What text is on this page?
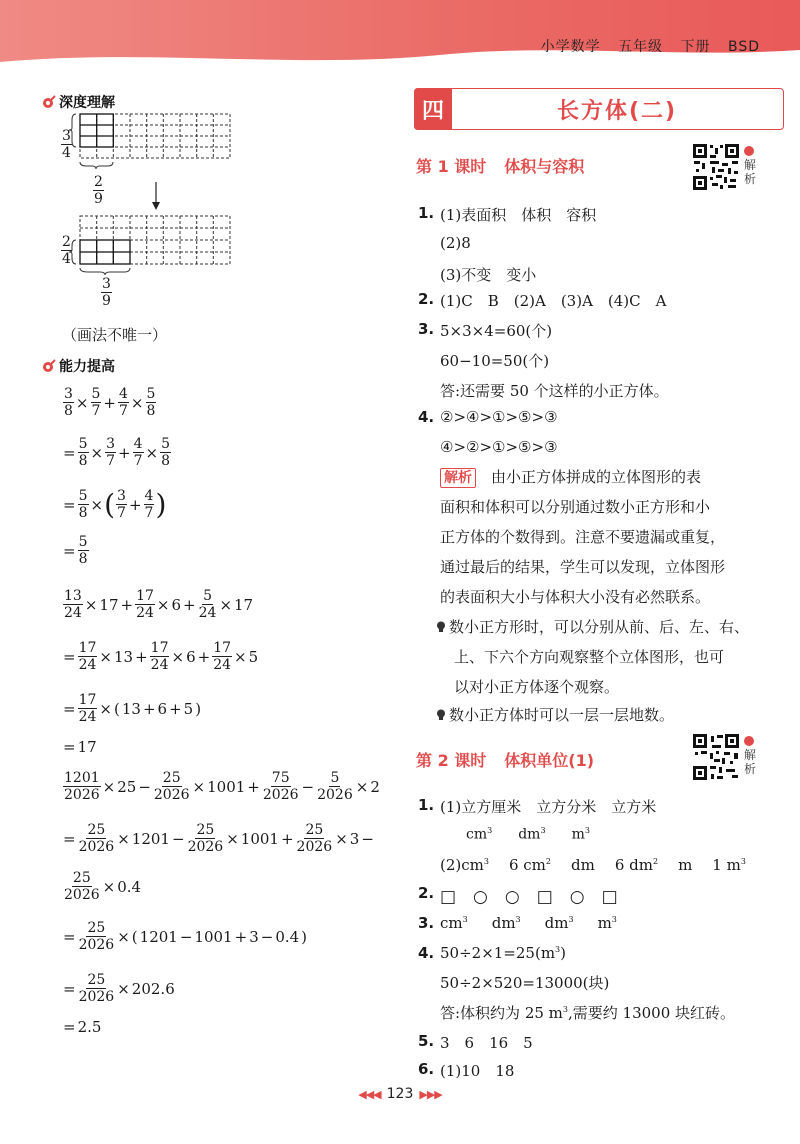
小学数学 五年级 下册 BSD
深度理解
$\frac{3}{4}$
$\frac{2}{9}$
$\frac{2}{4}$
$\frac{3}{9}$
（画法不唯一）
能力提高
$\frac{3}{8} \times \frac{5}{7} + \frac{4}{7} \times \frac{5}{8}$
= $\frac{5}{8} \times \frac{3}{7} + \frac{4}{7} \times \frac{5}{8}$
= $\frac{5}{8}$ × ( $\frac{3}{7} + \frac{4}{7}$ )
= $\frac{5}{8}$
$\frac{13}{24} \times 17 + \frac{17}{24} \times 6 + \frac{5}{24} \times 17$
= $\frac{17}{24} \times 13 + \frac{17}{24} \times 6 + \frac{17}{24} \times 5$
= $\frac{17}{24}$ × ( 13 + 6 + 5 )
= 17
$\frac{1201}{2026} \times 25 - \frac{25}{2026} \times 1001 + \frac{75}{2026} - \frac{5}{2026} \times 2$
= $\frac{25}{2026} \times 1201 - \frac{25}{2026} \times 1001 + \frac{25}{2026} \times 3$ −
$\frac{25}{2026} \times 0.4$
= $\frac{25}{2026}$ × ( 1201 − 1001 + 3 − 0.4 )
= $\frac{25}{2026} \times 202.6$
= 2.5
四	长方体(二)
第 1 课时 体积与容积	解析
1. (1)表面积　体积　容积
(2)8
(3)不变　变小
2. (1)C　B　(2)A　(3)A　(4)C　A
3. 5×3×4=60(个)
60−10=50(个)
答:还需要 50 个这样的小正方体。
4. ②>④>①>⑤>③
④>②>①>⑤>③
解析　由小正方体拼成的立体图形的表
面积和体积可以分别通过数小正方形和小
正方体的个数得到。注意不要遗漏或重复，
通过最后的结果，学生可以发现，立体图形
的表面积大小与体积大小没有必然联系。
数小正方形时，可以分别从前、后、左、右、
上、下六个方向观察整个立体图形，也可
以对小正方体逐个观察。
数小正方体时可以一层一层地数。
第 2 课时 体积单位(1)	解析
1. (1)立方厘米　立方分米　立方米
$cm^3$ $dm^3$ $m^3$
$(2)cm^3$ 6 $cm^2$ dm 6 $dm^2$ m 1 $m^3$
2. □　○　○　□　○　□
3. $cm^3$ $dm^3$ $dm^3$ $m^3$
4. $50\div 2\times 1=25(m^3)$
50÷2×520=13000(块)
答:体积约为 25 $m^3$,需要约 13000 块红砖。
5. 3　6　16　5
6. (1)10　18
◀◀◀ 123 ▶▶▶
